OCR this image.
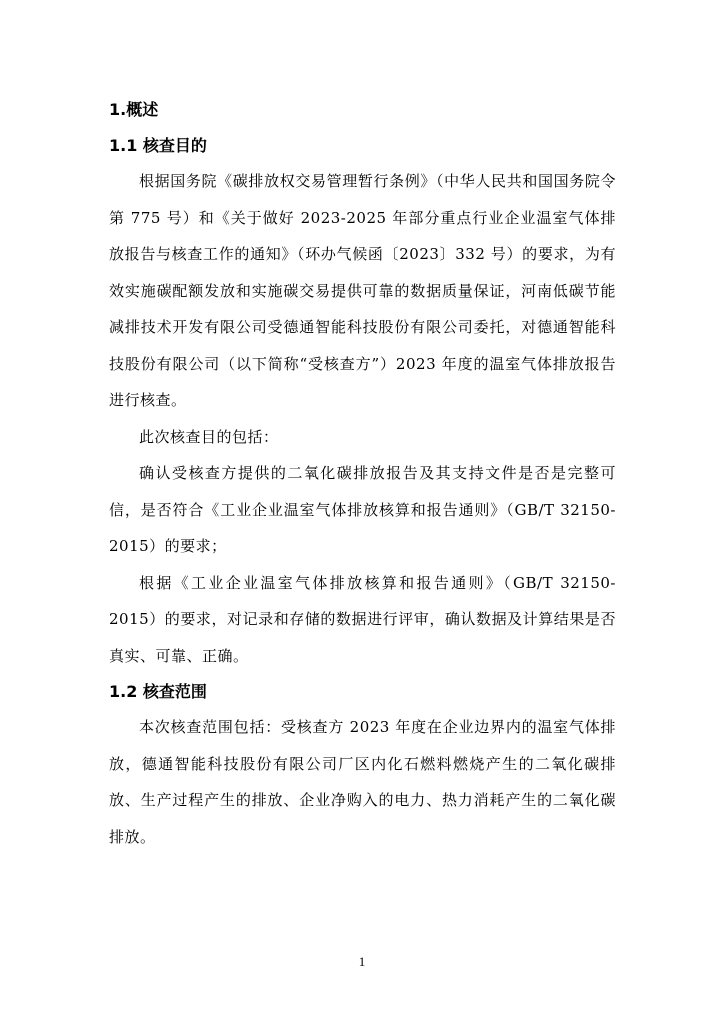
1.概述
1.1 核查目的

根据国务院《碳排放权交易管理暂行条例》（中华人民共和国国务院令第 775 号）和《关于做好 2023-2025 年部分重点行业企业温室气体排放报告与核查工作的通知》（环办气候函〔2023〕332 号）的要求，为有效实施碳配额发放和实施碳交易提供可靠的数据质量保证，河南低碳节能减排技术开发有限公司受德通智能科技股份有限公司委托，对德通智能科技股份有限公司（以下简称“受核查方”）2023 年度的温室气体排放报告进行核查。

此次核查目的包括：

确认受核查方提供的二氧化碳排放报告及其支持文件是否是完整可信，是否符合《工业企业温室气体排放核算和报告通则》（GB/T 32150-2015）的要求；

根据《工业企业温室气体排放核算和报告通则》（GB/T 32150-2015）的要求，对记录和存储的数据进行评审，确认数据及计算结果是否真实、可靠、正确。

1.2 核查范围

本次核查范围包括：受核查方 2023 年度在企业边界内的温室气体排放，德通智能科技股份有限公司厂区内化石燃料燃烧产生的二氧化碳排放、生产过程产生的排放、企业净购入的电力、热力消耗产生的二氧化碳排放。

1
